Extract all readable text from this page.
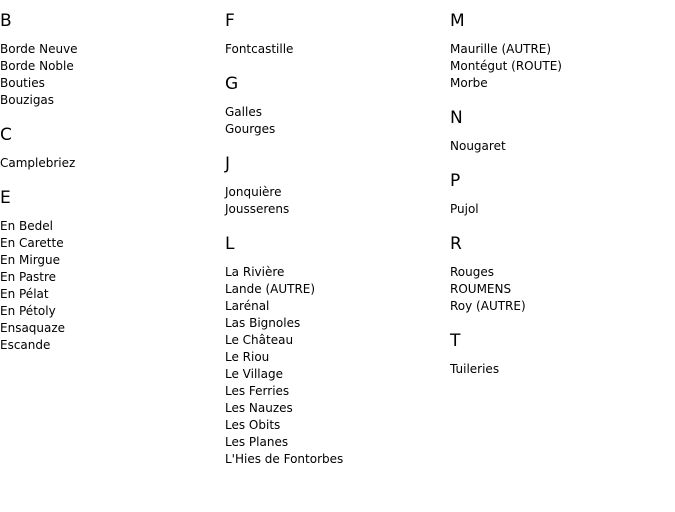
B
Borde Neuve
Borde Noble
Bouties
Bouzigas
C
Camplebriez
E
En Bedel
En Carette
En Mirgue
En Pastre
En Pélat
En Pétoly
Ensaquaze
Escande
F
Fontcastille
G
Galles
Gourges
J
Jonquière
Jousserens
L
La Rivière
Lande (AUTRE)
Larénal
Las Bignoles
Le Château
Le Riou
Le Village
Les Ferries
Les Nauzes
Les Obits
Les Planes
L'Hies de Fontorbes
M
Maurille (AUTRE)
Montégut (ROUTE)
Morbe
N
Nougaret
P
Pujol
R
Rouges
ROUMENS
Roy (AUTRE)
T
Tuileries
